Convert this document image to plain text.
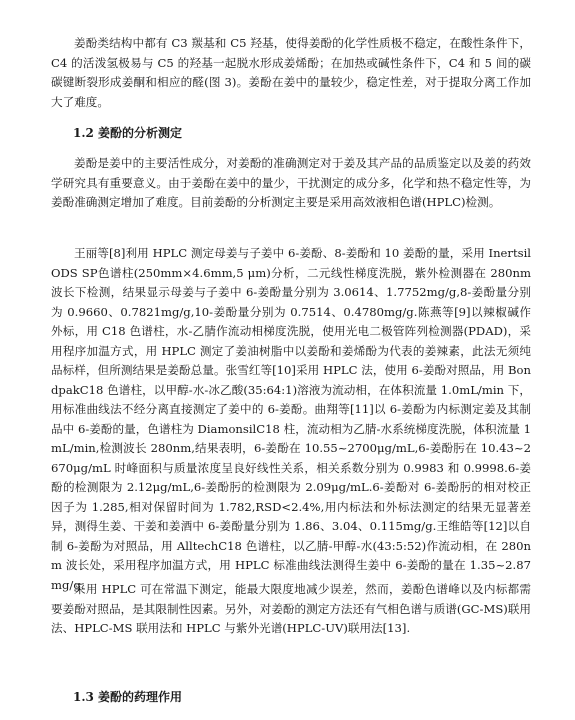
姜酚类结构中都有 C3 羰基和 C5 羟基，使得姜酚的化学性质极不稳定，在酸性条件下，C4 的活泼氢极易与 C5 的羟基一起脱水形成姜烯酚；在加热或碱性条件下，C4 和 5 间的碳碳键断裂形成姜酮和相应的醛(图 3)。姜酚在姜中的量较少，稳定性差，对于提取分离工作加大了难度。

1.2 姜酚的分析测定

姜酚是姜中的主要活性成分，对姜酚的准确测定对于姜及其产品的品质鉴定以及姜的药效学研究具有重要意义。由于姜酚在姜中的量少，干扰测定的成分多，化学和热不稳定性等，为姜酚准确测定增加了难度。目前姜酚的分析测定主要是采用高效液相色谱(HPLC)检测。

王丽等[8]利用 HPLC 测定母姜与子姜中 6-姜酚、8-姜酚和 10 姜酚的量，采用 InertsilODS SP色谱柱(250mm×4.6mm,5 μm)分析，二元线性梯度洗脱，紫外检测器在 280nm 波长下检测，结果显示母姜与子姜中 6-姜酚量分别为 3.0614、1.7752mg/g,8-姜酚量分别为 0.9660、0.7821mg/g,10-姜酚量分别为 0.7514、0.4780mg/g.陈燕等[9]以辣椒碱作外标，用 C18 色谱柱，水-乙腈作流动相梯度洗脱，使用光电二极管阵列检测器(PDAD)，采用程序加温方式，用 HPLC 测定了姜油树脂中以姜酚和姜烯酚为代表的姜辣素，此法无须纯品标样，但所测结果是姜酚总量。张雪红等[10]采用 HPLC 法，使用 6-姜酚对照品，用 BondpakC18 色谱柱，以甲醇-水-冰乙酸(35:64:1)溶液为流动相，在体积流量 1.0mL/min 下，用标准曲线法不经分离直接测定了姜中的 6-姜酚。曲翔等[11]以 6-姜酚为内标测定姜及其制品中 6-姜酚的量，色谱柱为 DiamonsilC18 柱，流动相为乙腈-水系统梯度洗脱，体积流量 1mL/min,检测波长 280nm,结果表明，6-姜酚在 10.55~2700μg/mL,6-姜酚肟在 10.43~2670μg/mL 时峰面积与质量浓度呈良好线性关系，相关系数分别为 0.9983 和 0.9998.6-姜酚的检测限为 2.12μg/mL,6-姜酚肟的检测限为 2.09μg/mL.6-姜酚对 6-姜酚肟的相对校正因子为 1.285,相对保留时间为 1.782,RSD<2.4%,用内标法和外标法测定的结果无显著差异，测得生姜、干姜和姜酒中 6-姜酚量分别为 1.86、3.04、0.115mg/g.王维皓等[12]以自制 6-姜酚为对照品，用 AlltechC18 色谱柱，以乙腈-甲醇-水(43:5:52)作流动相，在 280nm 波长处，采用程序加温方式，用 HPLC 标准曲线法测得生姜中 6-姜酚的量在 1.35~2.87mg/g.

采用 HPLC 可在常温下测定，能最大限度地减少误差，然而，姜酚色谱峰以及内标都需要姜酚对照品，是其限制性因素。另外，对姜酚的测定方法还有气相色谱与质谱(GC-MS)联用法、HPLC-MS 联用法和 HPLC 与紫外光谱(HPLC-UV)联用法[13].

1.3 姜酚的药理作用
